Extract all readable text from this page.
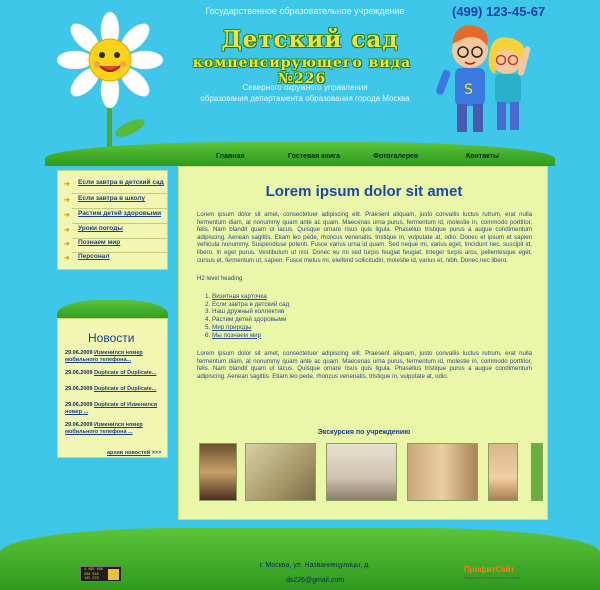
Государственное образовательное учреждение	(499) 123-45-67
Детский сад
компенсирующего вида №226
Северного окружного управления
образования департамента образования города Москва
S
Главная	Гостевая книга	Фотогалерея	Контакты
➔ Если завтра в детский сад
➔ Если завтра в школу
➔ Растим детей здоровыми
➔ Уроки погоды
➔ Познаем мир
➔ Персонал
Новости
29.06.2009 Изменился номер мобильного телефона...
29.06.2009 Duplicate of Duplicate...
29.06.2009 Duplicate of Duplicate...
29.06.2009 Duplicate of Изменился номер ...
29.06.2009 Изменился номер мобильного телефона ...
архив новостей >>>
Lorem ipsum dolor sit amet
Lorem ipsum dolor sit amet, consectetuer adipiscing elit. Praesent aliquam, justo convallis luctus rutrum, erat nulla fermentum diam, at nonummy quam ante ac quam. Maecenas urna purus, fermentum id, molestie in, commodo porttitor, felis. Nam blandit quam ut lacus. Quisque ornare risus quis ligula. Phasellus tristique purus a augue condimentum adipiscing. Aenean sagittis. Etiam leo pede, rhoncus venenatis, tristique in, vulputate at, odio. Donec et ipsum et sapien vehicula nonummy. Suspendisse potenti. Fusce varius urna id quam. Sed neque mi, varius eget, tincidunt nec, suscipit id, libero. In eget purus. Vestibulum ut nisl. Donec eu mi sed turpis feugiat feugiat. Integer turpis arcu, pellentesque eget, cursus et, fermentum ut, sapien. Fusce metus mi, eleifend sollicitudin, molestie id, varius et, nibh. Donec nec libero.
H2 level heading
1. Визитная карточка
2. Если завтра в детский сад
3. Наш дружный коллектив
4. Растим детей здоровыми
5. Мир природы
6. Мы познаем мир
Lorem ipsum dolor sit amet, consectetuer adipiscing elit. Praesent aliquam, justo convallis luctus rutrum, erat nulla fermentum diam, at nonummy quam ante ac quam. Maecenas urna purus, fermentum id, molestie in, commodo porttitor, felis. Nam blandit quam ut lacus. Quisque ornare risus quis ligula. Phasellus tristique purus a augue condimentum adipiscing. Aenean sagittis. Etiam leo pede, rhoncus venenatis, tristique in, vulputate at, odio.
Экскурсия по учреждению
г. Москва, ул. Названиецулицы, д.
ds226@gmail.com
4 090 686
888 548
185 570
ПрофитСайт
Разработка и продвижение сайтов
